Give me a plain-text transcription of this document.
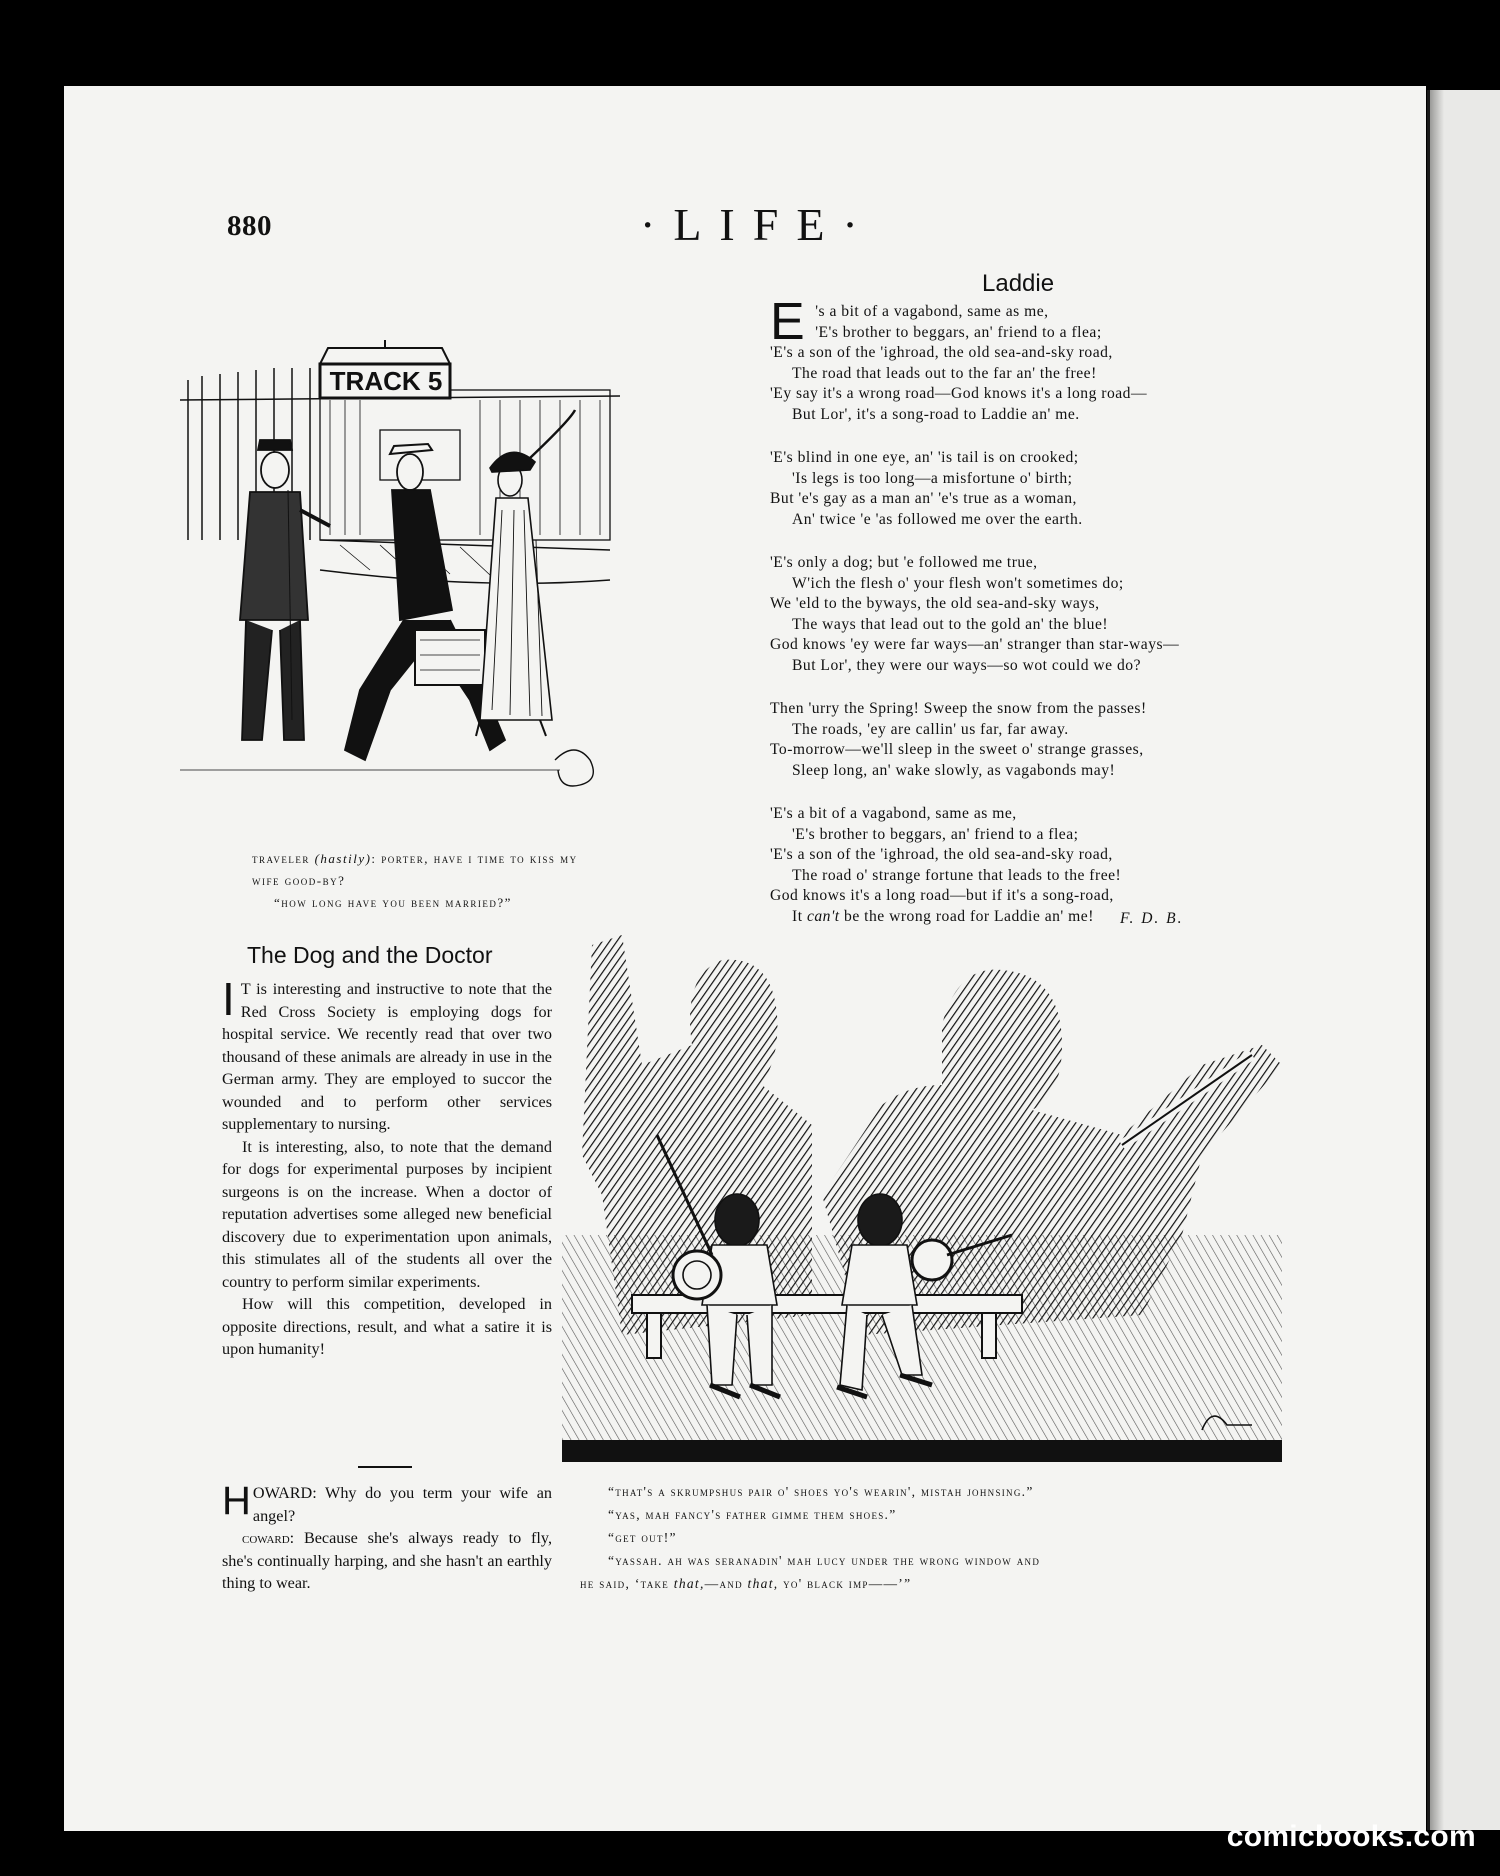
880	·LIFE·
TRACK 5
traveler (hastily): porter, have i time to kiss my
wife good-by?
“how long have you been married?”
Laddie
E 's a bit of a vagabond, same as me,
'E's brother to beggars, an' friend to a flea;
'E's a son of the 'ighroad, the old sea-and-sky road,
The road that leads out to the far an' the free!
'Ey say it's a wrong road—God knows it's a long road—
But Lor', it's a song-road to Laddie an' me.
'E's blind in one eye, an' 'is tail is on crooked;
'Is legs is too long—a misfortune o' birth;
But 'e's gay as a man an' 'e's true as a woman,
An' twice 'e 'as followed me over the earth.
'E's only a dog; but 'e followed me true,
W'ich the flesh o' your flesh won't sometimes do;
We 'eld to the byways, the old sea-and-sky ways,
The ways that lead out to the gold an' the blue!
God knows 'ey were far ways—an' stranger than star-ways—
But Lor', they were our ways—so wot could we do?
Then 'urry the Spring! Sweep the snow from the passes!
The roads, 'ey are callin' us far, far away.
To-morrow—we'll sleep in the sweet o' strange grasses,
Sleep long, an' wake slowly, as vagabonds may!
'E's a bit of a vagabond, same as me,
'E's brother to beggars, an' friend to a flea;
'E's a son of the 'ighroad, the old sea-and-sky road,
The road o' strange fortune that leads to the free!
God knows it's a long road—but if it's a song-road,
It can't be the wrong road for Laddie an' me!	F. D. B.
The Dog and the Doctor

I T is interesting and instructive to note that the Red Cross Society is employing dogs for hospital service. We recently read that over two thousand of these animals are already in use in the German army. They are employed to succor the wounded and to perform other services supplementary to nursing.

It is interesting, also, to note that the demand for dogs for experimental purposes by incipient surgeons is on the increase. When a doctor of reputation advertises some alleged new beneficial discovery due to experimentation upon animals, this stimulates all of the students all over the country to perform similar experiments.

How will this competition, developed in opposite directions, result, and what a satire it is upon humanity!

HOWARD: Why do you term your wife an angel?

coward: Because she's always ready to fly, she's continually harping, and she hasn't an earthly thing to wear.

“that's a skrumpshus pair o' shoes yo's wearin', mistah johnsing.”
“yas, mah fancy's father gimme them shoes.”
“get out!”
“yassah. ah was seranadin' mah lucy under the wrong window and
he said, ‘take that,—and that, yo' black imp——’”
comicbooks.com
